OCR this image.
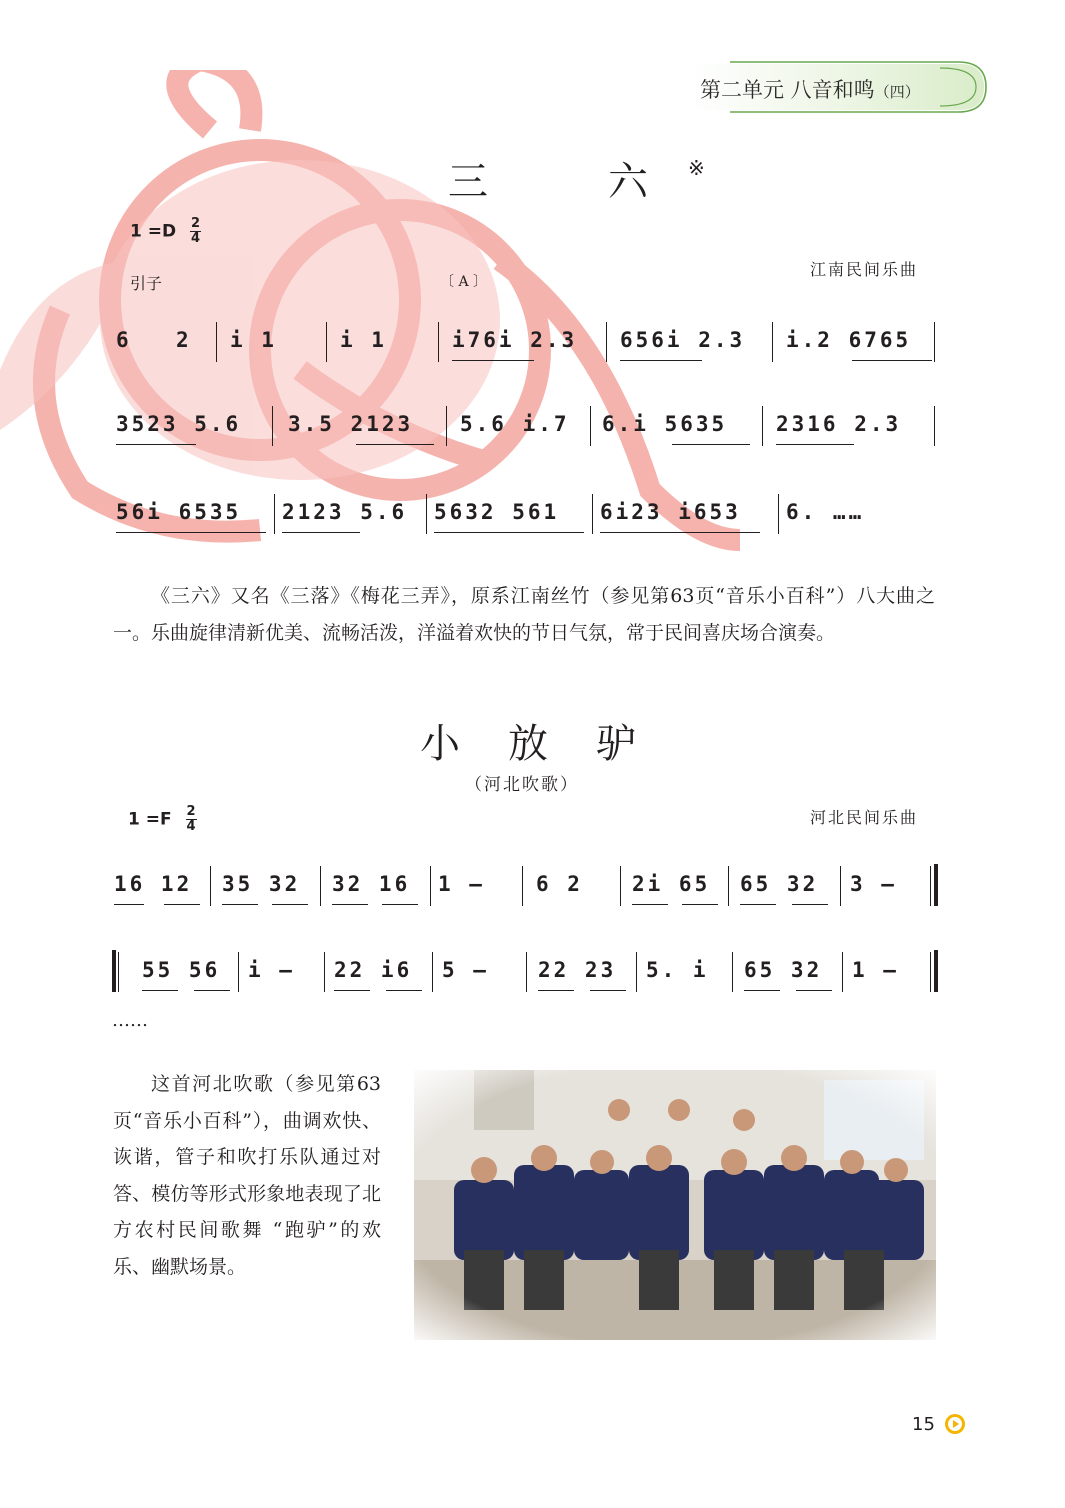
第二单元 八音和鸣（四）
三　六※
$1 =D \frac{2}{4}$
引子	〔 A 〕
江南民间乐曲
6 2 i 1	i 1	i76i 2.3 656i 2.3 i.2 6765
3523 5.6 3.5 2123 5.6 i.7 6.i 5635 2316 2.3
56i 6535 2123 5.6 5632 561 6i23 i653 6. ……
《三六》又名《三落》《梅花三弄》，原系江南丝竹（参见第63页“音乐小百科”）八大曲之一。乐曲旋律清新优美、流畅活泼，洋溢着欢快的节日气氛，常于民间喜庆场合演奏。
小放驴
（河北吹歌）
$1 =F \frac{2}{4}$	河北民间乐曲
16 12 35 32 32 16 1 – 6 2 2i 65 65 32 3 –
55 56 i – 22 i6 5 – 22 23 5. i 65 32 1 –
……
这首河北吹歌（参见第63页“音乐小百科”），曲调欢快、诙谐，管子和吹打乐队通过对答、模仿等形式形象地表现了北方农村民间歌舞 “跑驴”的欢乐、幽默场景。
15
